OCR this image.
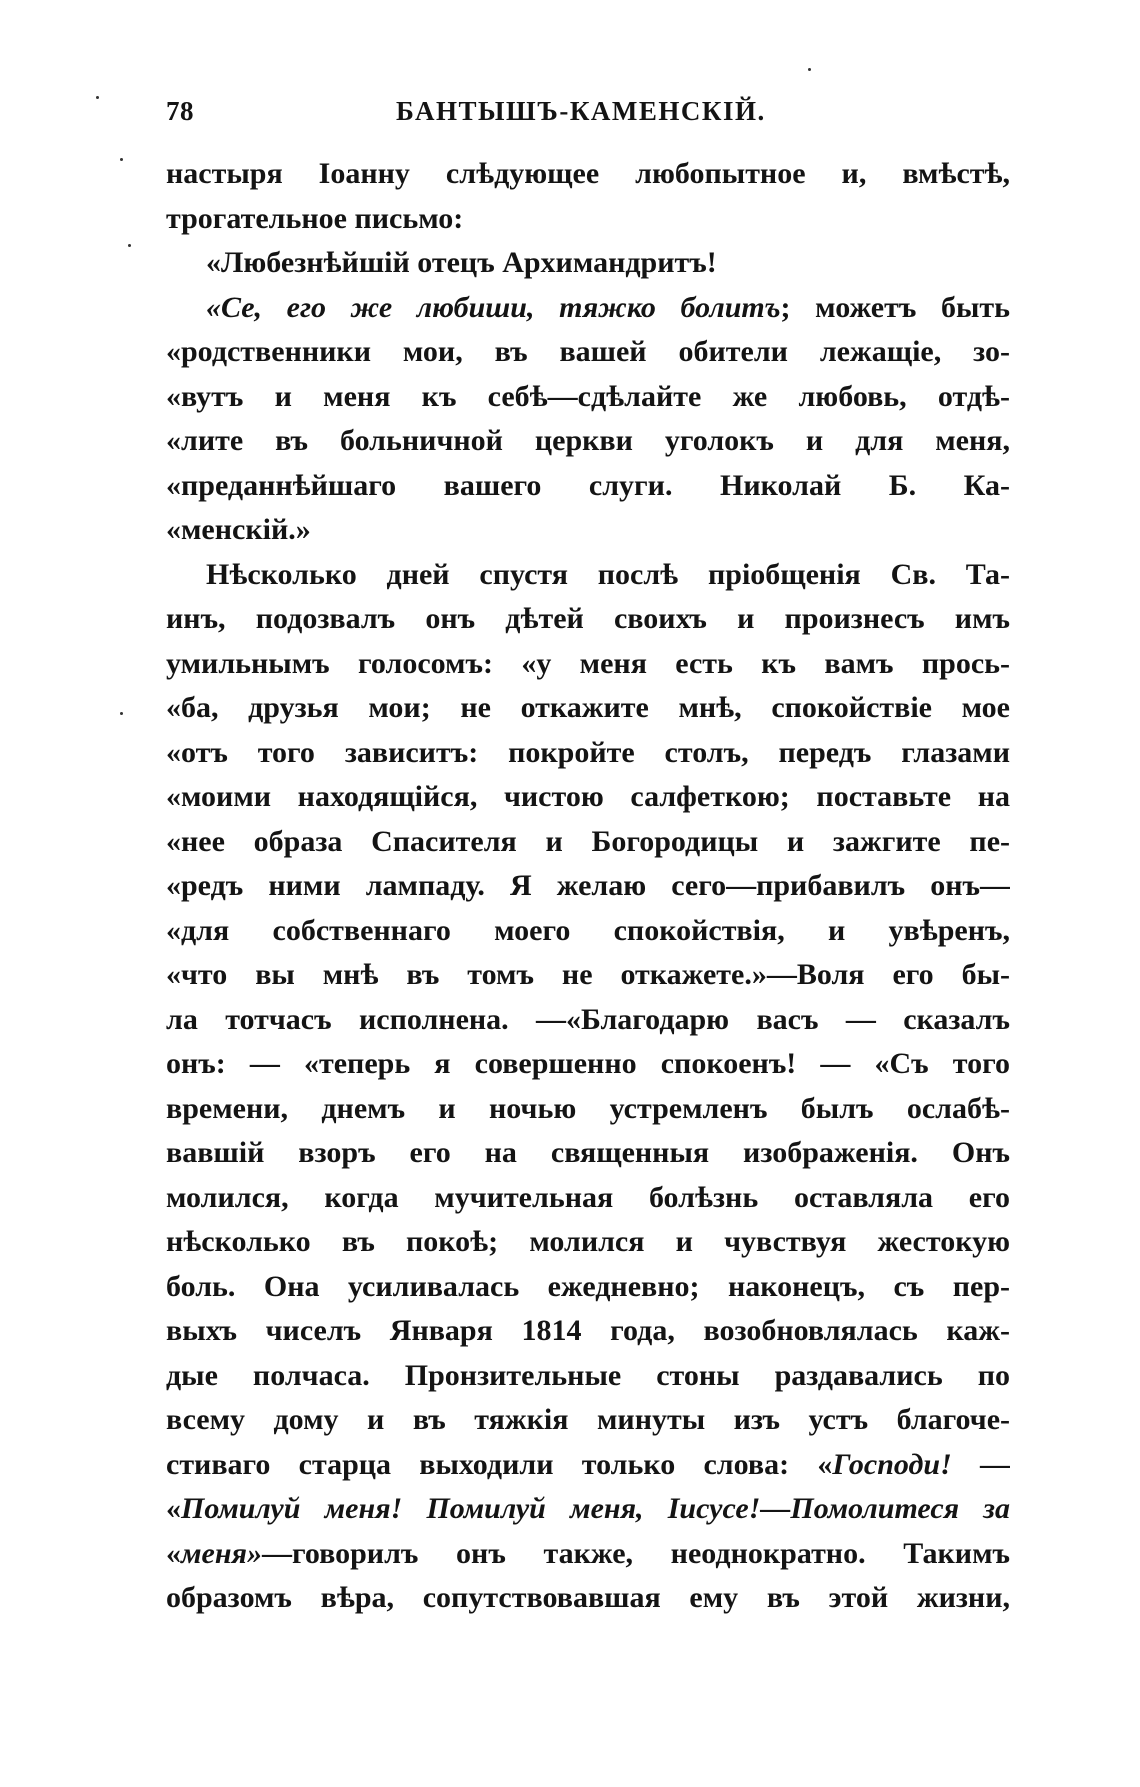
78	БАНТЫШЪ-КАМЕНСКІЙ.
настыря Іоанну слѣдующее любопытное и, вмѣстѣ,
трогательное письмо:
«Любезнѣйшій отецъ Архимандритъ!
«Се, его же любиши, тяжко болитъ; можетъ быть
«родственники мои, въ вашей обители лежащіе, зо-
«вутъ и меня къ себѣ—сдѣлайте же любовь, отдѣ-
«лите въ больничной церкви уголокъ и для меня,
«преданнѣйшаго вашего слуги. Николай Б. Ка-
«менскій.»
Нѣсколько дней спустя послѣ пріобщенія Св. Та-
инъ, подозвалъ онъ дѣтей своихъ и произнесъ имъ
умильнымъ голосомъ: «у меня есть къ вамъ прось-
«ба, друзья мои; не откажите мнѣ, спокойствіе мое
«отъ того зависитъ: покройте столъ, передъ глазами
«моими находящійся, чистою салфеткою; поставьте на
«нее образа Спасителя и Богородицы и зажгите пе-
«редъ ними лампаду. Я желаю сего—прибавилъ онъ—
«для собственнаго моего спокойствія, и увѣренъ,
«что вы мнѣ въ томъ не откажете.»—Воля его бы-
ла тотчасъ исполнена. —«Благодарю васъ — сказалъ
онъ: — «теперь я совершенно спокоенъ! — «Съ того
времени, днемъ и ночью устремленъ былъ ослабѣ-
вавшій взоръ его на священныя изображенія. Онъ
молился, когда мучительная болѣзнь оставляла его
нѣсколько въ покоѣ; молился и чувствуя жестокую
боль. Она усиливалась ежедневно; наконецъ, съ пер-
выхъ чиселъ Января 1814 года, возобновлялась каж-
дые полчаса. Пронзительные стоны раздавались по
всему дому и въ тяжкія минуты изъ устъ благоче-
стиваго старца выходили только слова: «Господи! —
«Помилуй меня! Помилуй меня, Іисусе!—Помолитеся за
«меня»—говорилъ онъ также, неоднократно. Такимъ
образомъ вѣра, сопутствовавшая ему въ этой жизни,
